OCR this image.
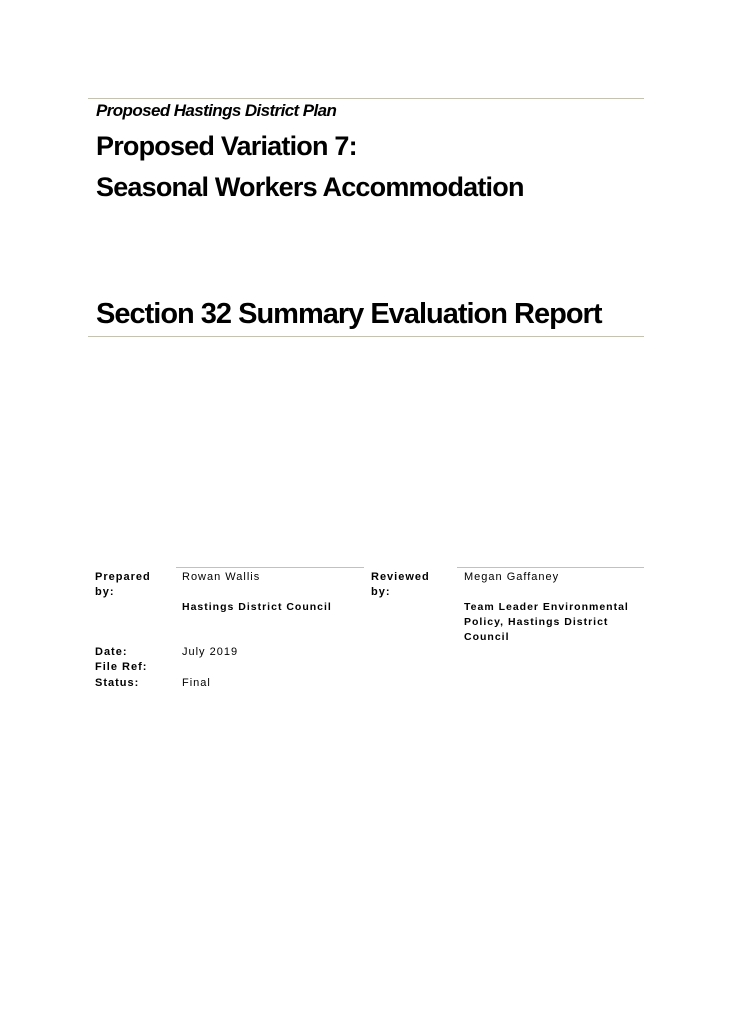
Proposed Hastings District Plan
Proposed Variation 7:
Seasonal Workers Accommodation
Section 32 Summary Evaluation Report
Prepared
by:
Rowan Wallis
Hastings District Council
Reviewed
by:
Megan Gaffaney
Team Leader Environmental
Policy, Hastings District
Council
Date:	July 2019
File Ref:
Status:	Final
